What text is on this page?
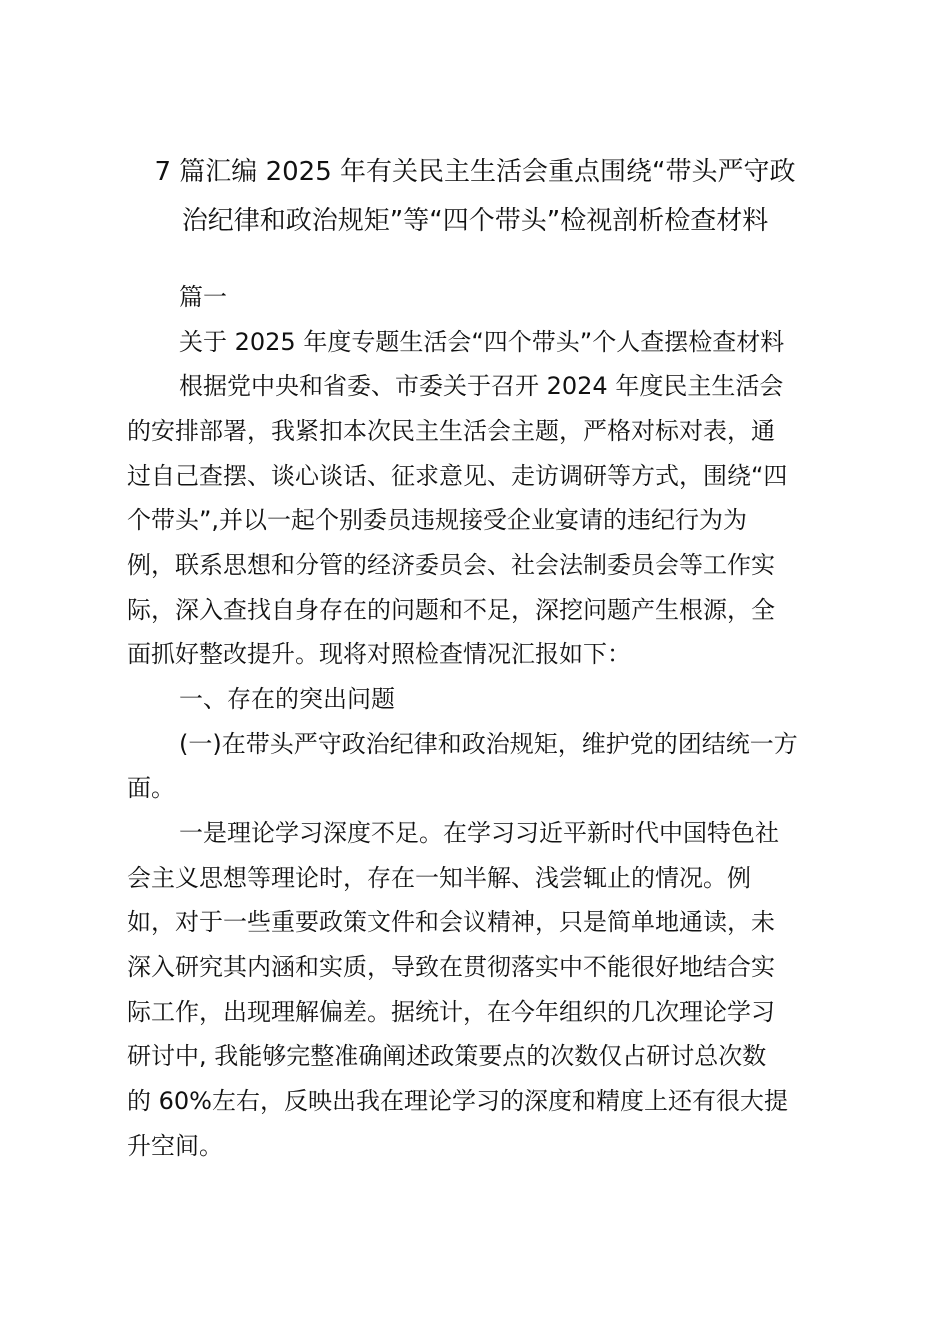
7 篇汇编 2025 年有关民主生活会重点围绕“带头严守政
治纪律和政治规矩”等“四个带头”检视剖析检查材料
篇一
关于 2025 年度专题生活会“四个带头”个人查摆检查材料
根据党中央和省委、市委关于召开 2024 年度民主生活会
的安排部署，我紧扣本次民主生活会主题，严格对标对表，通
过自己查摆、谈心谈话、征求意见、走访调研等方式，围绕“四
个带头”,并以一起个别委员违规接受企业宴请的违纪行为为
例，联系思想和分管的经济委员会、社会法制委员会等工作实
际，深入查找自身存在的问题和不足，深挖问题产生根源，全
面抓好整改提升。现将对照检查情况汇报如下：
一、存在的突出问题
(一)在带头严守政治纪律和政治规矩，维护党的团结统一方
面。
一是理论学习深度不足。在学习习近平新时代中国特色社
会主义思想等理论时，存在一知半解、浅尝辄止的情况。例
如，对于一些重要政策文件和会议精神，只是简单地通读，未
深入研究其内涵和实质，导致在贯彻落实中不能很好地结合实
际工作，出现理解偏差。据统计，在今年组织的几次理论学习
研讨中, 我能够完整准确阐述政策要点的次数仅占研讨总次数
的 60%左右，反映出我在理论学习的深度和精度上还有很大提
升空间。
